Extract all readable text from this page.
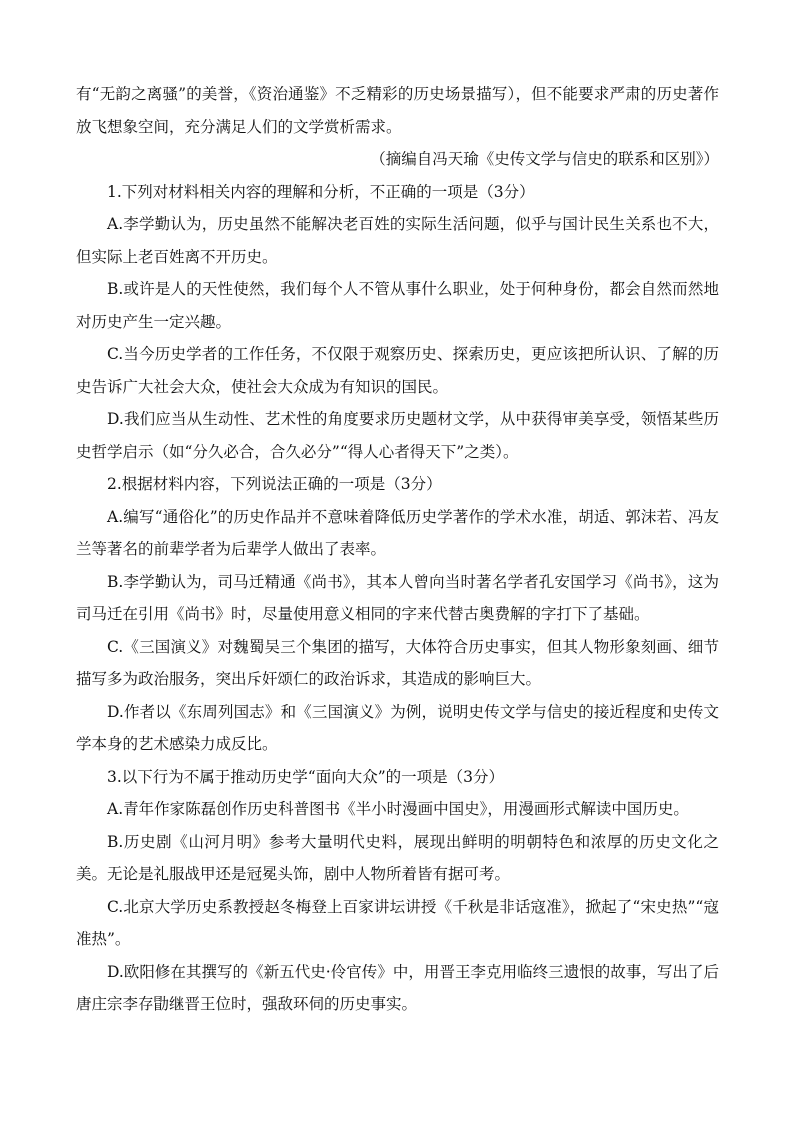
有“无韵之离骚”的美誉，《资治通鉴》不乏精彩的历史场景描写），但不能要求严肃的历史著作放飞想象空间，充分满足人们的文学赏析需求。

（摘编自冯天瑜《史传文学与信史的联系和区别》）

1.下列对材料相关内容的理解和分析，不正确的一项是（3分）

A.李学勤认为，历史虽然不能解决老百姓的实际生活问题，似乎与国计民生关系也不大，但实际上老百姓离不开历史。

B.或许是人的天性使然，我们每个人不管从事什么职业，处于何种身份，都会自然而然地对历史产生一定兴趣。

C.当今历史学者的工作任务，不仅限于观察历史、探索历史，更应该把所认识、了解的历史告诉广大社会大众，使社会大众成为有知识的国民。

D.我们应当从生动性、艺术性的角度要求历史题材文学，从中获得审美享受，领悟某些历史哲学启示（如“分久必合，合久必分”“得人心者得天下”之类）。

2.根据材料内容，下列说法正确的一项是（3分）

A.编写“通俗化”的历史作品并不意味着降低历史学著作的学术水准，胡适、郭沫若、冯友兰等著名的前辈学者为后辈学人做出了表率。

B.李学勤认为，司马迁精通《尚书》，其本人曾向当时著名学者孔安国学习《尚书》，这为司马迁在引用《尚书》时，尽量使用意义相同的字来代替古奥费解的字打下了基础。

C.《三国演义》对魏蜀吴三个集团的描写，大体符合历史事实，但其人物形象刻画、细节描写多为政治服务，突出斥奸颂仁的政治诉求，其造成的影响巨大。

D.作者以《东周列国志》和《三国演义》为例，说明史传文学与信史的接近程度和史传文学本身的艺术感染力成反比。

3.以下行为不属于推动历史学“面向大众”的一项是（3分）

A.青年作家陈磊创作历史科普图书《半小时漫画中国史》，用漫画形式解读中国历史。

B.历史剧《山河月明》参考大量明代史料，展现出鲜明的明朝特色和浓厚的历史文化之美。无论是礼服战甲还是冠冕头饰，剧中人物所着皆有据可考。

C.北京大学历史系教授赵冬梅登上百家讲坛讲授《千秋是非话寇准》，掀起了“宋史热”“寇准热”。

D.欧阳修在其撰写的《新五代史·伶官传》中，用晋王李克用临终三遗恨的故事，写出了后唐庄宗李存勖继晋王位时，强敌环伺的历史事实。
